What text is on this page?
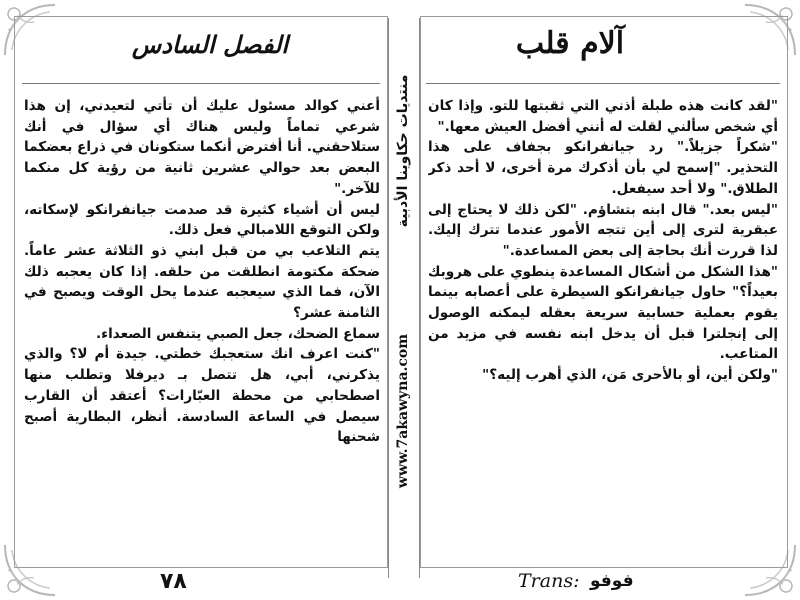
الفصل السادس	آلام قلب

أعني كوالد مسئول عليك أن تأتي لتعيدني، إن هذا شرعي تماماً وليس هناك أي سؤال في أنك ستلاحقني. أنا أفترض أنكما ستكونان في ذراع بعضكما البعض بعد حوالي عشرين ثانية من رؤية كل منكما للآخر."

ليس أن أشياء كثيرة قد صدمت جيانفرانكو لإسكاته، ولكن التوقع اللامبالي فعل ذلك.

يتم التلاعب بي من قبل ابني ذو الثلاثة عشر عاماً. ضحكة مكتومة انطلقت من حلقه. إذا كان يعجبه ذلك الآن، فما الذي سيعجبه عندما يحل الوقت ويصبح في الثامنة عشر؟

سماع الضحك، جعل الصبي يتنفس الصعداء.

"كنت اعرف انك ستعجبك خطتي. جيدة أم لا؟ والذي يذكرني، أبي، هل تتصل بـ ديرفلا وتطلب منها اصطحابي من محطة العبّارات؟ أعتقد أن القارب سيصل في الساعة السادسة. أنظر، البطارية أصبح شحنها

منتديات حكاوينا الأدبية
www.7akawyna.com

"لقد كانت هذه طبلة أذني التي ثقبتها للتو. وإذا كان أي شخص سألني لقلت له أنني أفضل العيش معها."

"شكراً جزيلاً." رد جيانفرانكو بجفاف على هذا التحذير. "إسمح لي بأن أذكرك مرة أخرى، لا أحد ذكر الطلاق." ولا أحد سيفعل.

"ليس بعد." قال ابنه بتشاؤم. "لكن ذلك لا يحتاج إلى عبقرية لترى إلى أين تتجه الأمور عندما تترك إليك. لذا قررت أنك بحاجة إلى بعض المساعدة."

"هذا الشكل من أشكال المساعدة ينطوي على هروبك بعيداً؟" حاول جيانفرانكو السيطرة على أعصابه بينما يقوم بعملية حسابية سريعة بعقله ليمكنه الوصول إلى إنجلترا قبل أن يدخل ابنه نفسه في مزيد من المتاعب.

"ولكن أين، أو بالأحرى مَن، الذي أهرب إليه؟"

٧٨	Trans: فوفو
